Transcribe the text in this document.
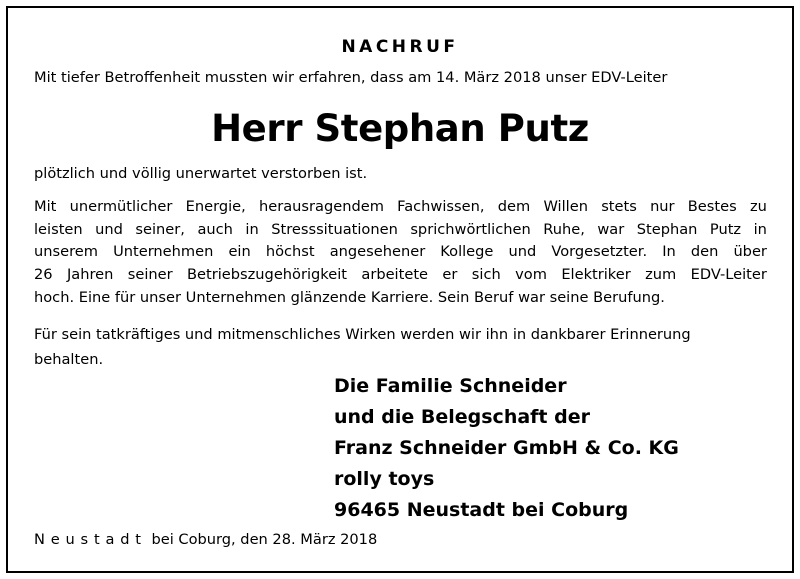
NACHRUF
Mit tiefer Betroffenheit mussten wir erfahren, dass am 14. März 2018 unser EDV-Leiter
Herr Stephan Putz
plötzlich und völlig unerwartet verstorben ist.
Mit unermütlicher Energie, herausragendem Fachwissen, dem Willen stets nur Bestes zu
leisten und seiner, auch in Stresssituationen sprichwörtlichen Ruhe, war Stephan Putz in
unserem Unternehmen ein höchst angesehener Kollege und Vorgesetzter. In den über
26 Jahren seiner Betriebszugehörigkeit arbeitete er sich vom Elektriker zum EDV-Leiter
hoch. Eine für unser Unternehmen glänzende Karriere. Sein Beruf war seine Berufung.
Für sein tatkräftiges und mitmenschliches Wirken werden wir ihn in dankbarer Erinnerung
behalten.
Die Familie Schneider
und die Belegschaft der
Franz Schneider GmbH & Co. KG
rolly toys
96465 Neustadt bei Coburg
Neustadt bei Coburg, den 28. März 2018
